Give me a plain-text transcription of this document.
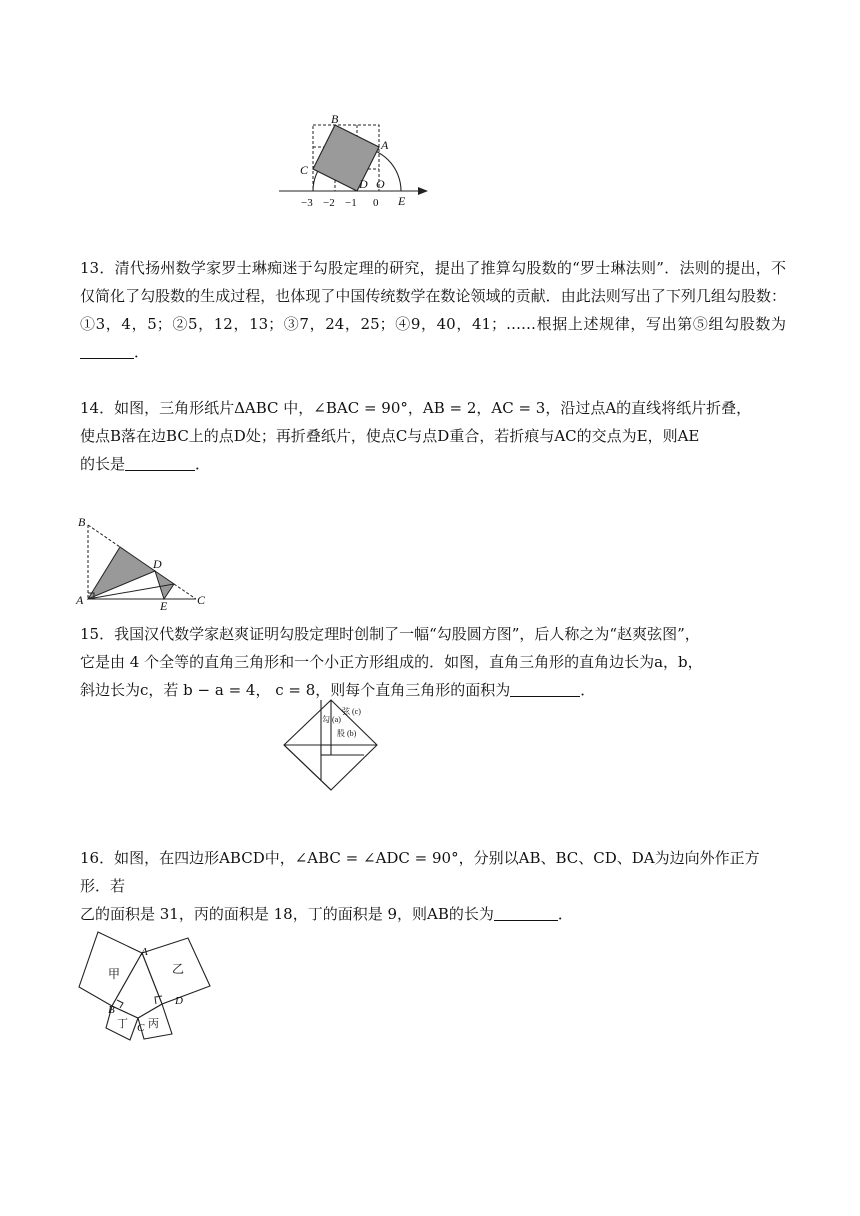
B
A
C
D O
E
−3 −2 −1 0

13．清代扬州数学家罗士琳痴迷于勾股定理的研究，提出了推算勾股数的“罗士琳法则”．法则的提出，不仅简化了勾股数的生成过程，也体现了中国传统数学在数论领域的贡献．由此法则写出了下列几组勾股数：①3，4，5；②5，12，13；③7，24，25；④9，40，41；……根据上述规律，写出第⑤组勾股数为．

14．如图，三角形纸片ΔABC 中，∠BAC = 90°，AB = 2，AC = 3，沿过点A的直线将纸片折叠，

使点B落在边BC上的点D处；再折叠纸片，使点C与点D重合，若折痕与AC的交点为E，则AE

的长是	．

B
D
A	E C

15．我国汉代数学家赵爽证明勾股定理时创制了一幅“勾股圆方图”，后人称之为“赵爽弦图”，

它是由 4 个全等的直角三角形和一个小正方形组成的．如图，直角三角形的直角边长为a，b，

斜边长为c，若 b − a = 4， c = 8，则每个直角三角形的面积为	．

勾 (a)
弦 (c)
股 (b)

16．如图，在四边形ABCD中，∠ABC = ∠ADC = 90°，分别以AB、BC、CD、DA为边向外作正方形．若

乙的面积是 31，丙的面积是 18，丁的面积是 9，则AB的长为	．

甲	乙
丙
丁
A
B
C
D
